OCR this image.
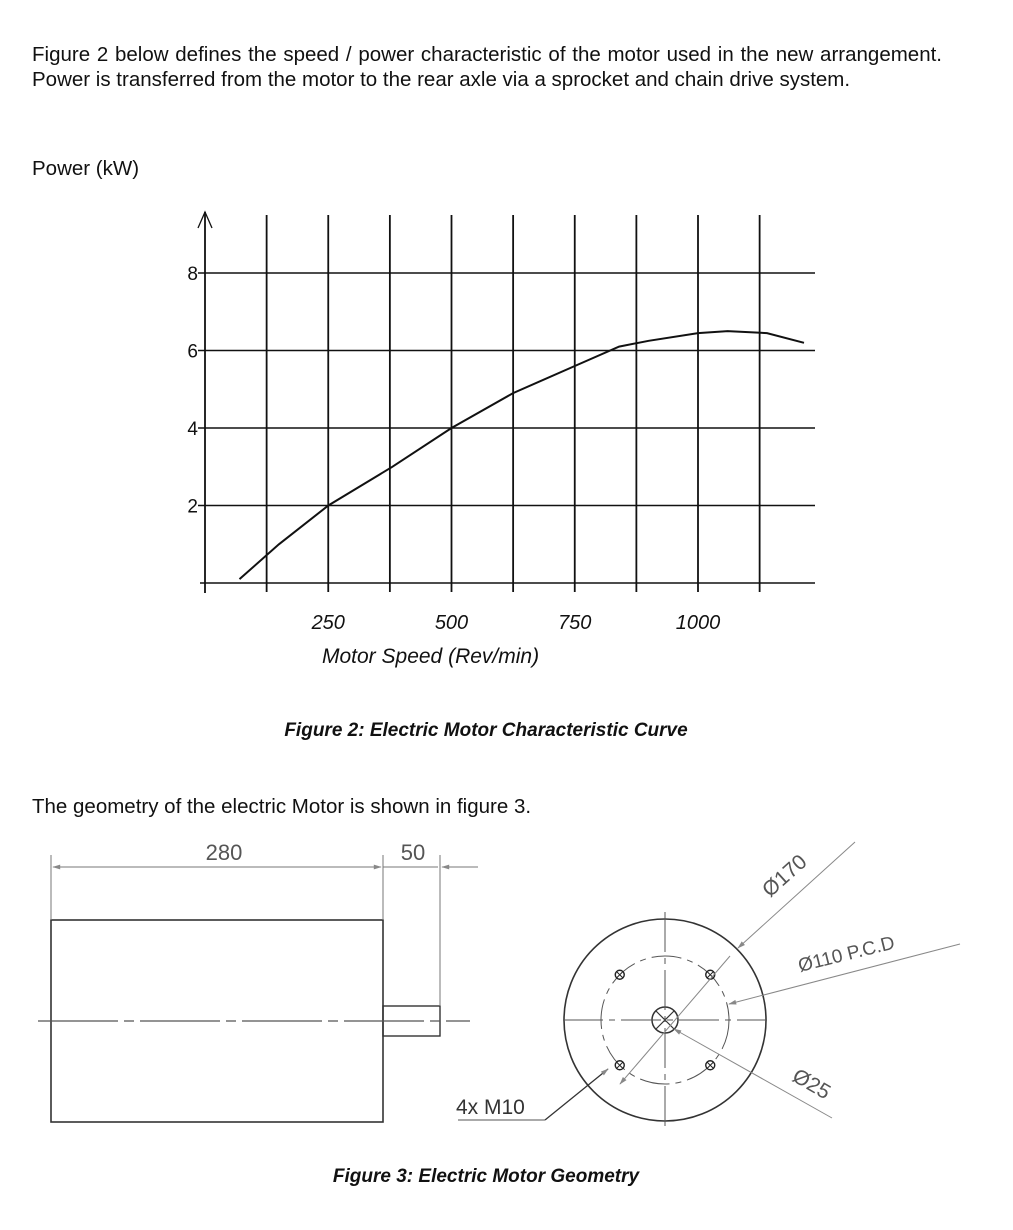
Figure 2 below defines the speed / power characteristic of the motor used in the new arrangement. Power is transferred from the motor to the rear axle via a sprocket and chain drive system.

Power (kW)

2
4
6
8
250	500	750	1000

Motor Speed (Rev/min)

Figure 2: Electric Motor Characteristic Curve

The geometry of the electric Motor is shown in figure 3.

280	50	Ø170
Ø110 P.C.D
Ø25
4x M10

Figure 3: Electric Motor Geometry
